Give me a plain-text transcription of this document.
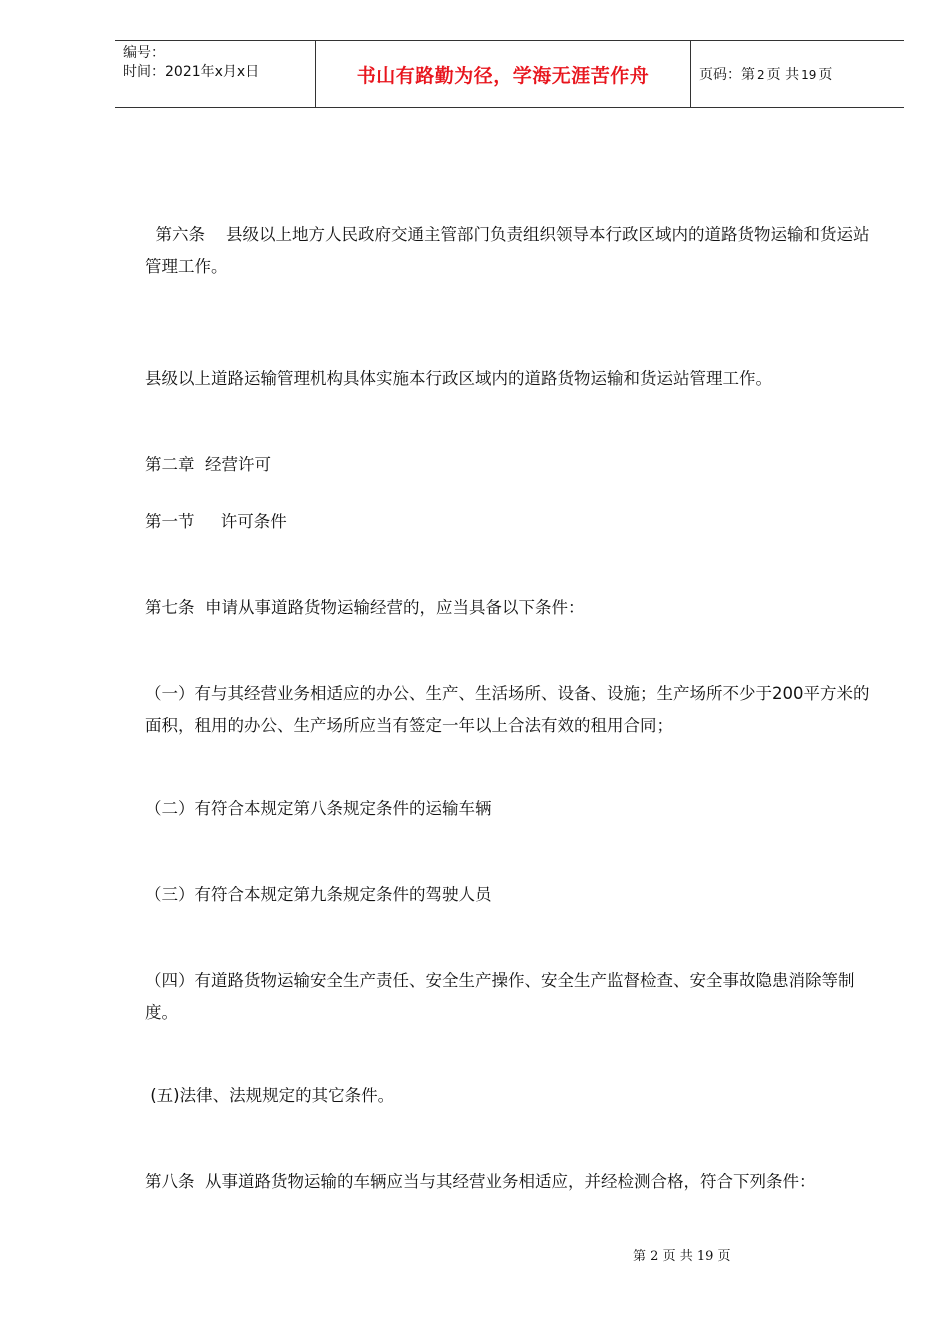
编号：
时间：2021年x月x日	书山有路勤为径，学海无涯苦作舟	页码：第 2 页 共 19 页

第六条    县级以上地方人民政府交通主管部门负责组织领导本行政区域内的道路货物运输和货运站管理工作。

县级以上道路运输管理机构具体实施本行政区域内的道路货物运输和货运站管理工作。

第二章  经营许可

第一节     许可条件

第七条  申请从事道路货物运输经营的，应当具备以下条件：

（一）有与其经营业务相适应的办公、生产、生活场所、设备、设施；生产场所不少于200平方米的面积，租用的办公、生产场所应当有签定一年以上合法有效的租用合同；

（二）有符合本规定第八条规定条件的运输车辆

（三）有符合本规定第九条规定条件的驾驶人员

（四）有道路货物运输安全生产责任、安全生产操作、安全生产监督检查、安全事故隐患消除等制度。

(五)法律、法规规定的其它条件。

第八条  从事道路货物运输的车辆应当与其经营业务相适应，并经检测合格，符合下列条件：

第 2 页 共 19 页
